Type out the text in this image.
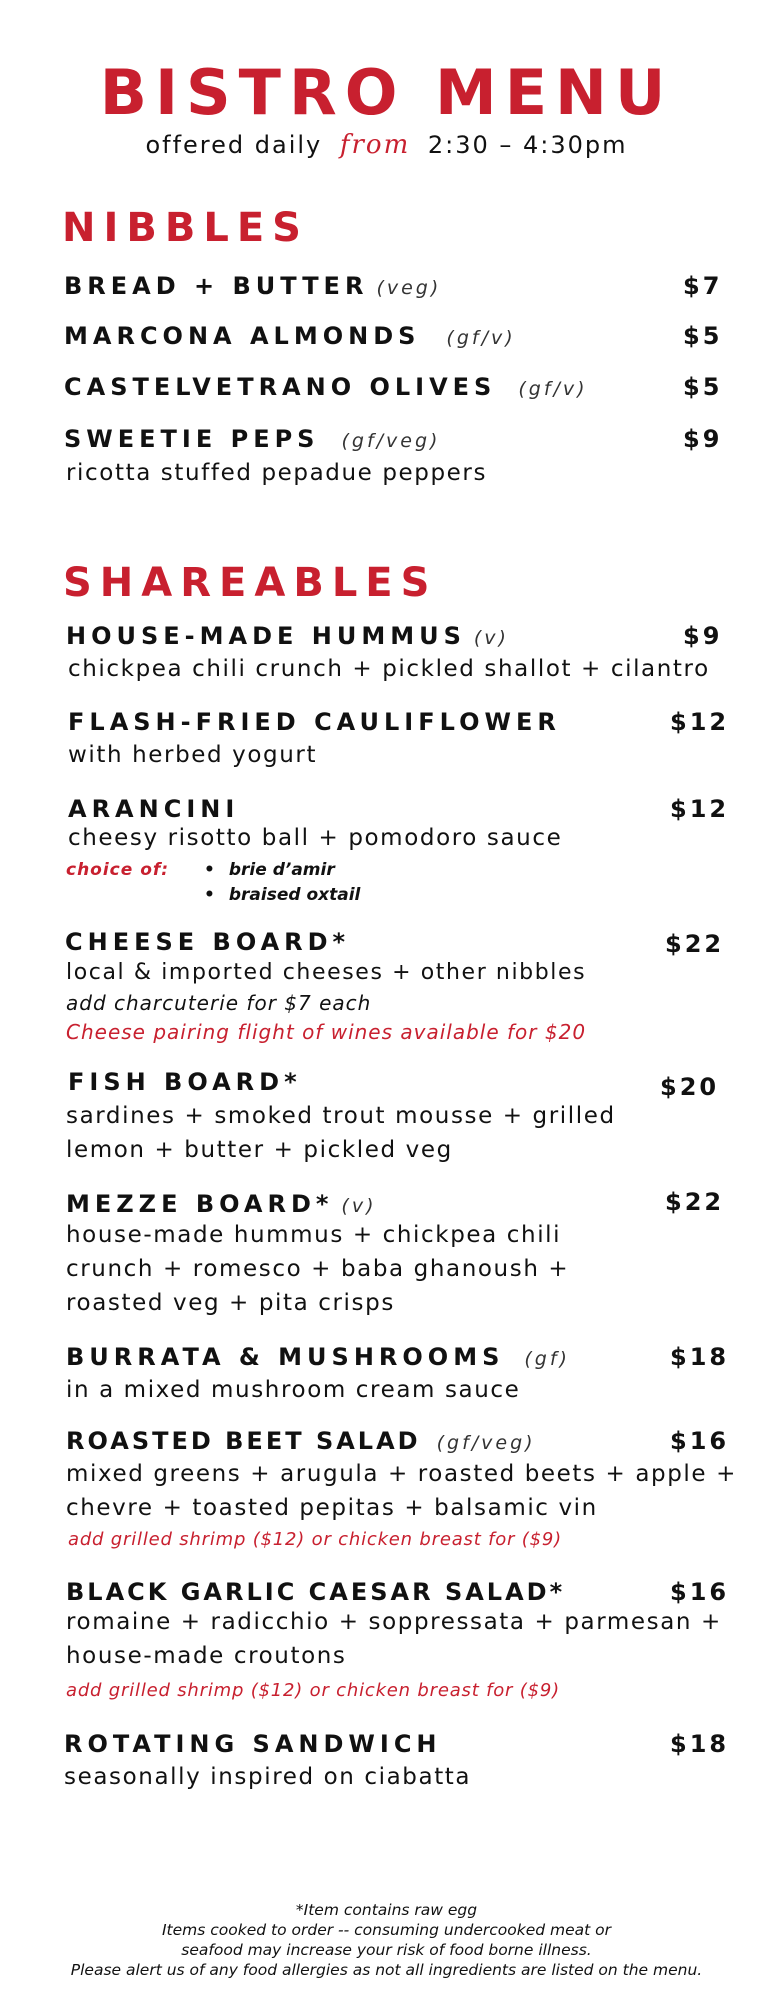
BISTRO MENU
offered daily from 2:30 – 4:30pm
NIBBLES
BREAD + BUTTER (veg)	$7
MARCONA ALMONDS (gf/v)	$5
CASTELVETRANO OLIVES (gf/v)	$5
SWEETIE PEPS (gf/veg)	$9
ricotta stuffed pepadue peppers
SHAREABLES
HOUSE-MADE HUMMUS (v)	$9
chickpea chili crunch + pickled shallot + cilantro
FLASH-FRIED CAULIFLOWER	$12
with herbed yogurt
ARANCINI	$12
cheesy risotto ball + pomodoro sauce
choice of: • brie d’amir
• braised oxtail
CHEESE BOARD*	$22
local & imported cheeses + other nibbles
add charcuterie for $7 each
Cheese pairing flight of wines available for $20
FISH BOARD*	$20
sardines + smoked trout mousse + grilled
lemon + butter + pickled veg
MEZZE BOARD* (v)	$22
house-made hummus + chickpea chili
crunch + romesco + baba ghanoush +
roasted veg + pita crisps
BURRATA & MUSHROOMS (gf)	$18
in a mixed mushroom cream sauce
ROASTED BEET SALAD (gf/veg)	$16
mixed greens + arugula + roasted beets + apple +
chevre + toasted pepitas + balsamic vin
add grilled shrimp ($12) or chicken breast for ($9)
BLACK GARLIC CAESAR SALAD*	$16
romaine + radicchio + soppressata + parmesan +
house-made croutons
add grilled shrimp ($12) or chicken breast for ($9)
ROTATING SANDWICH	$18
seasonally inspired on ciabatta
*Item contains raw egg
Items cooked to order -- consuming undercooked meat or
seafood may increase your risk of food borne illness.
Please alert us of any food allergies as not all ingredients are listed on the menu.
